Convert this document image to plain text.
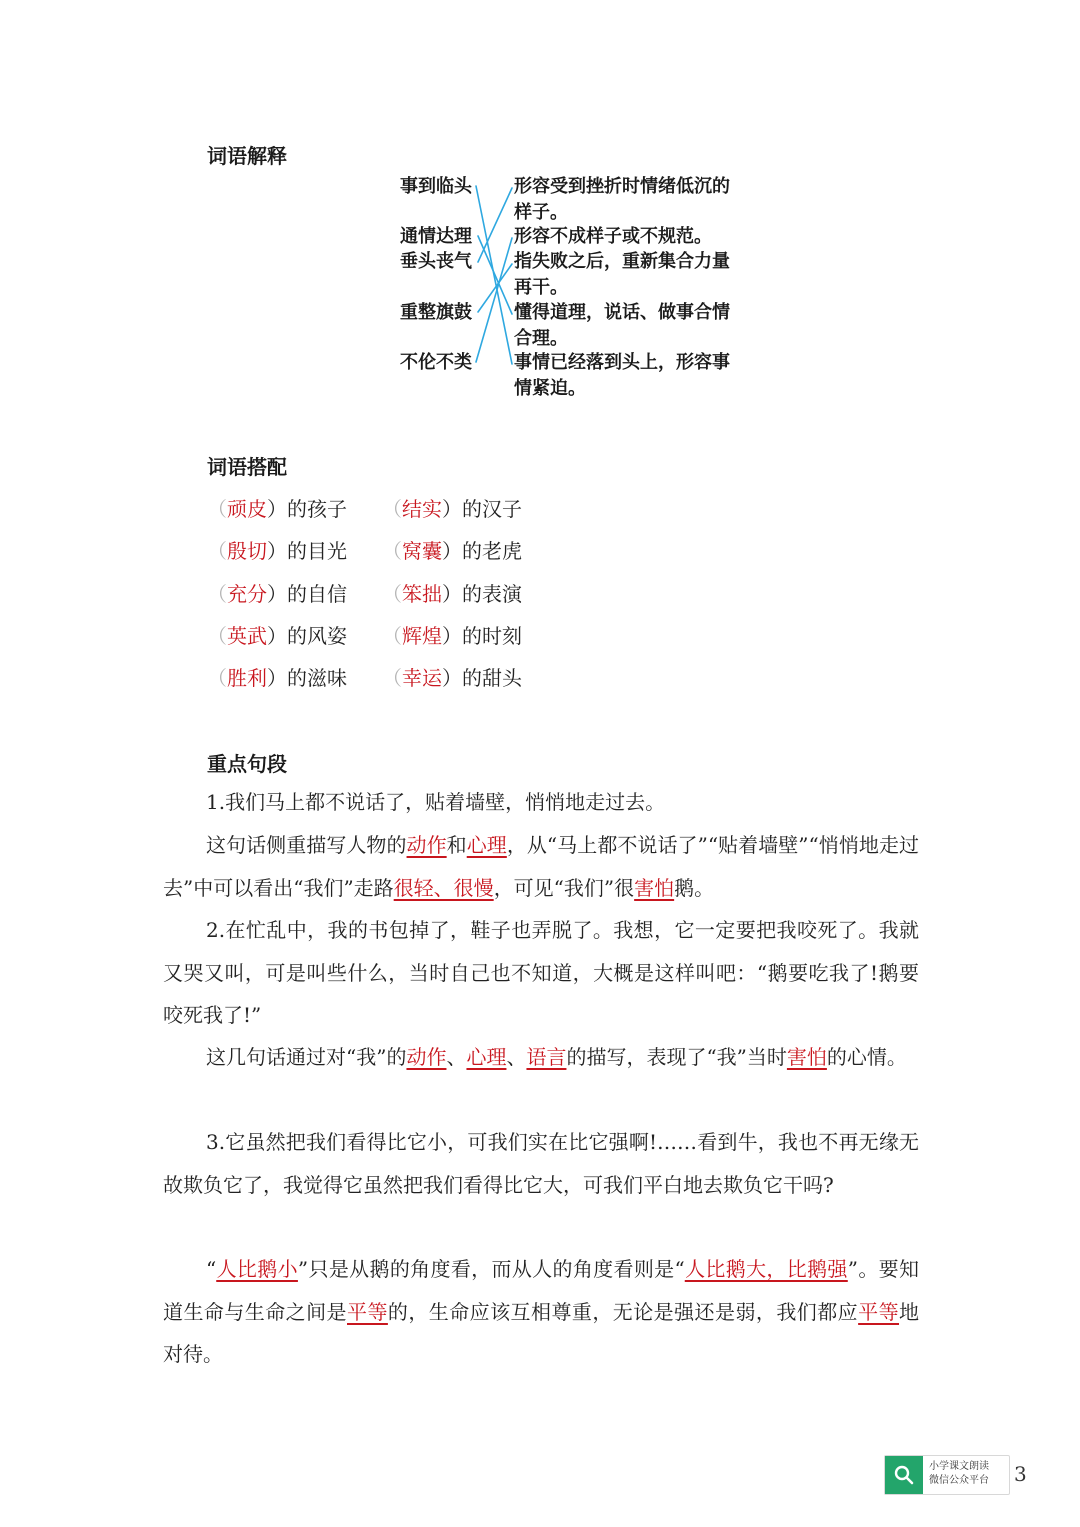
词语解释
事到临头
通情达理
垂头丧气
重整旗鼓
不伦不类
形容受到挫折时情绪低沉的样子。
形容不成样子或不规范。
指失败之后，重新集合力量再干。
懂得道理，说话、做事合情合理。
事情已经落到头上，形容事情紧迫。
词语搭配
（顽皮）的孩子 （结实）的汉子
（殷切）的目光 （窝囊）的老虎
（充分）的自信 （笨拙）的表演
（英武）的风姿 （辉煌）的时刻
（胜利）的滋味 （幸运）的甜头
重点句段
1.我们马上都不说话了，贴着墙壁，悄悄地走过去。
这句话侧重描写人物的动作和心理，从“马上都不说话了”“贴着墙壁”“悄悄地走过去”中可以看出“我们”走路很轻、很慢，可见“我们”很害怕鹅。
2.在忙乱中，我的书包掉了，鞋子也弄脱了。我想，它一定要把我咬死了。我就又哭又叫，可是叫些什么，当时自己也不知道，大概是这样叫吧：“鹅要吃我了!鹅要咬死我了!”
这几句话通过对“我”的动作、心理、语言的描写，表现了“我”当时害怕的心情。
3.它虽然把我们看得比它小，可我们实在比它强啊!……看到牛，我也不再无缘无故欺负它了，我觉得它虽然把我们看得比它大，可我们平白地去欺负它干吗?
“人比鹅小”只是从鹅的角度看，而从人的角度看则是“人比鹅大，比鹅强”。要知道生命与生命之间是平等的，生命应该互相尊重，无论是强还是弱，我们都应平等地对待。
小学课文朗读
微信公众平台 3
